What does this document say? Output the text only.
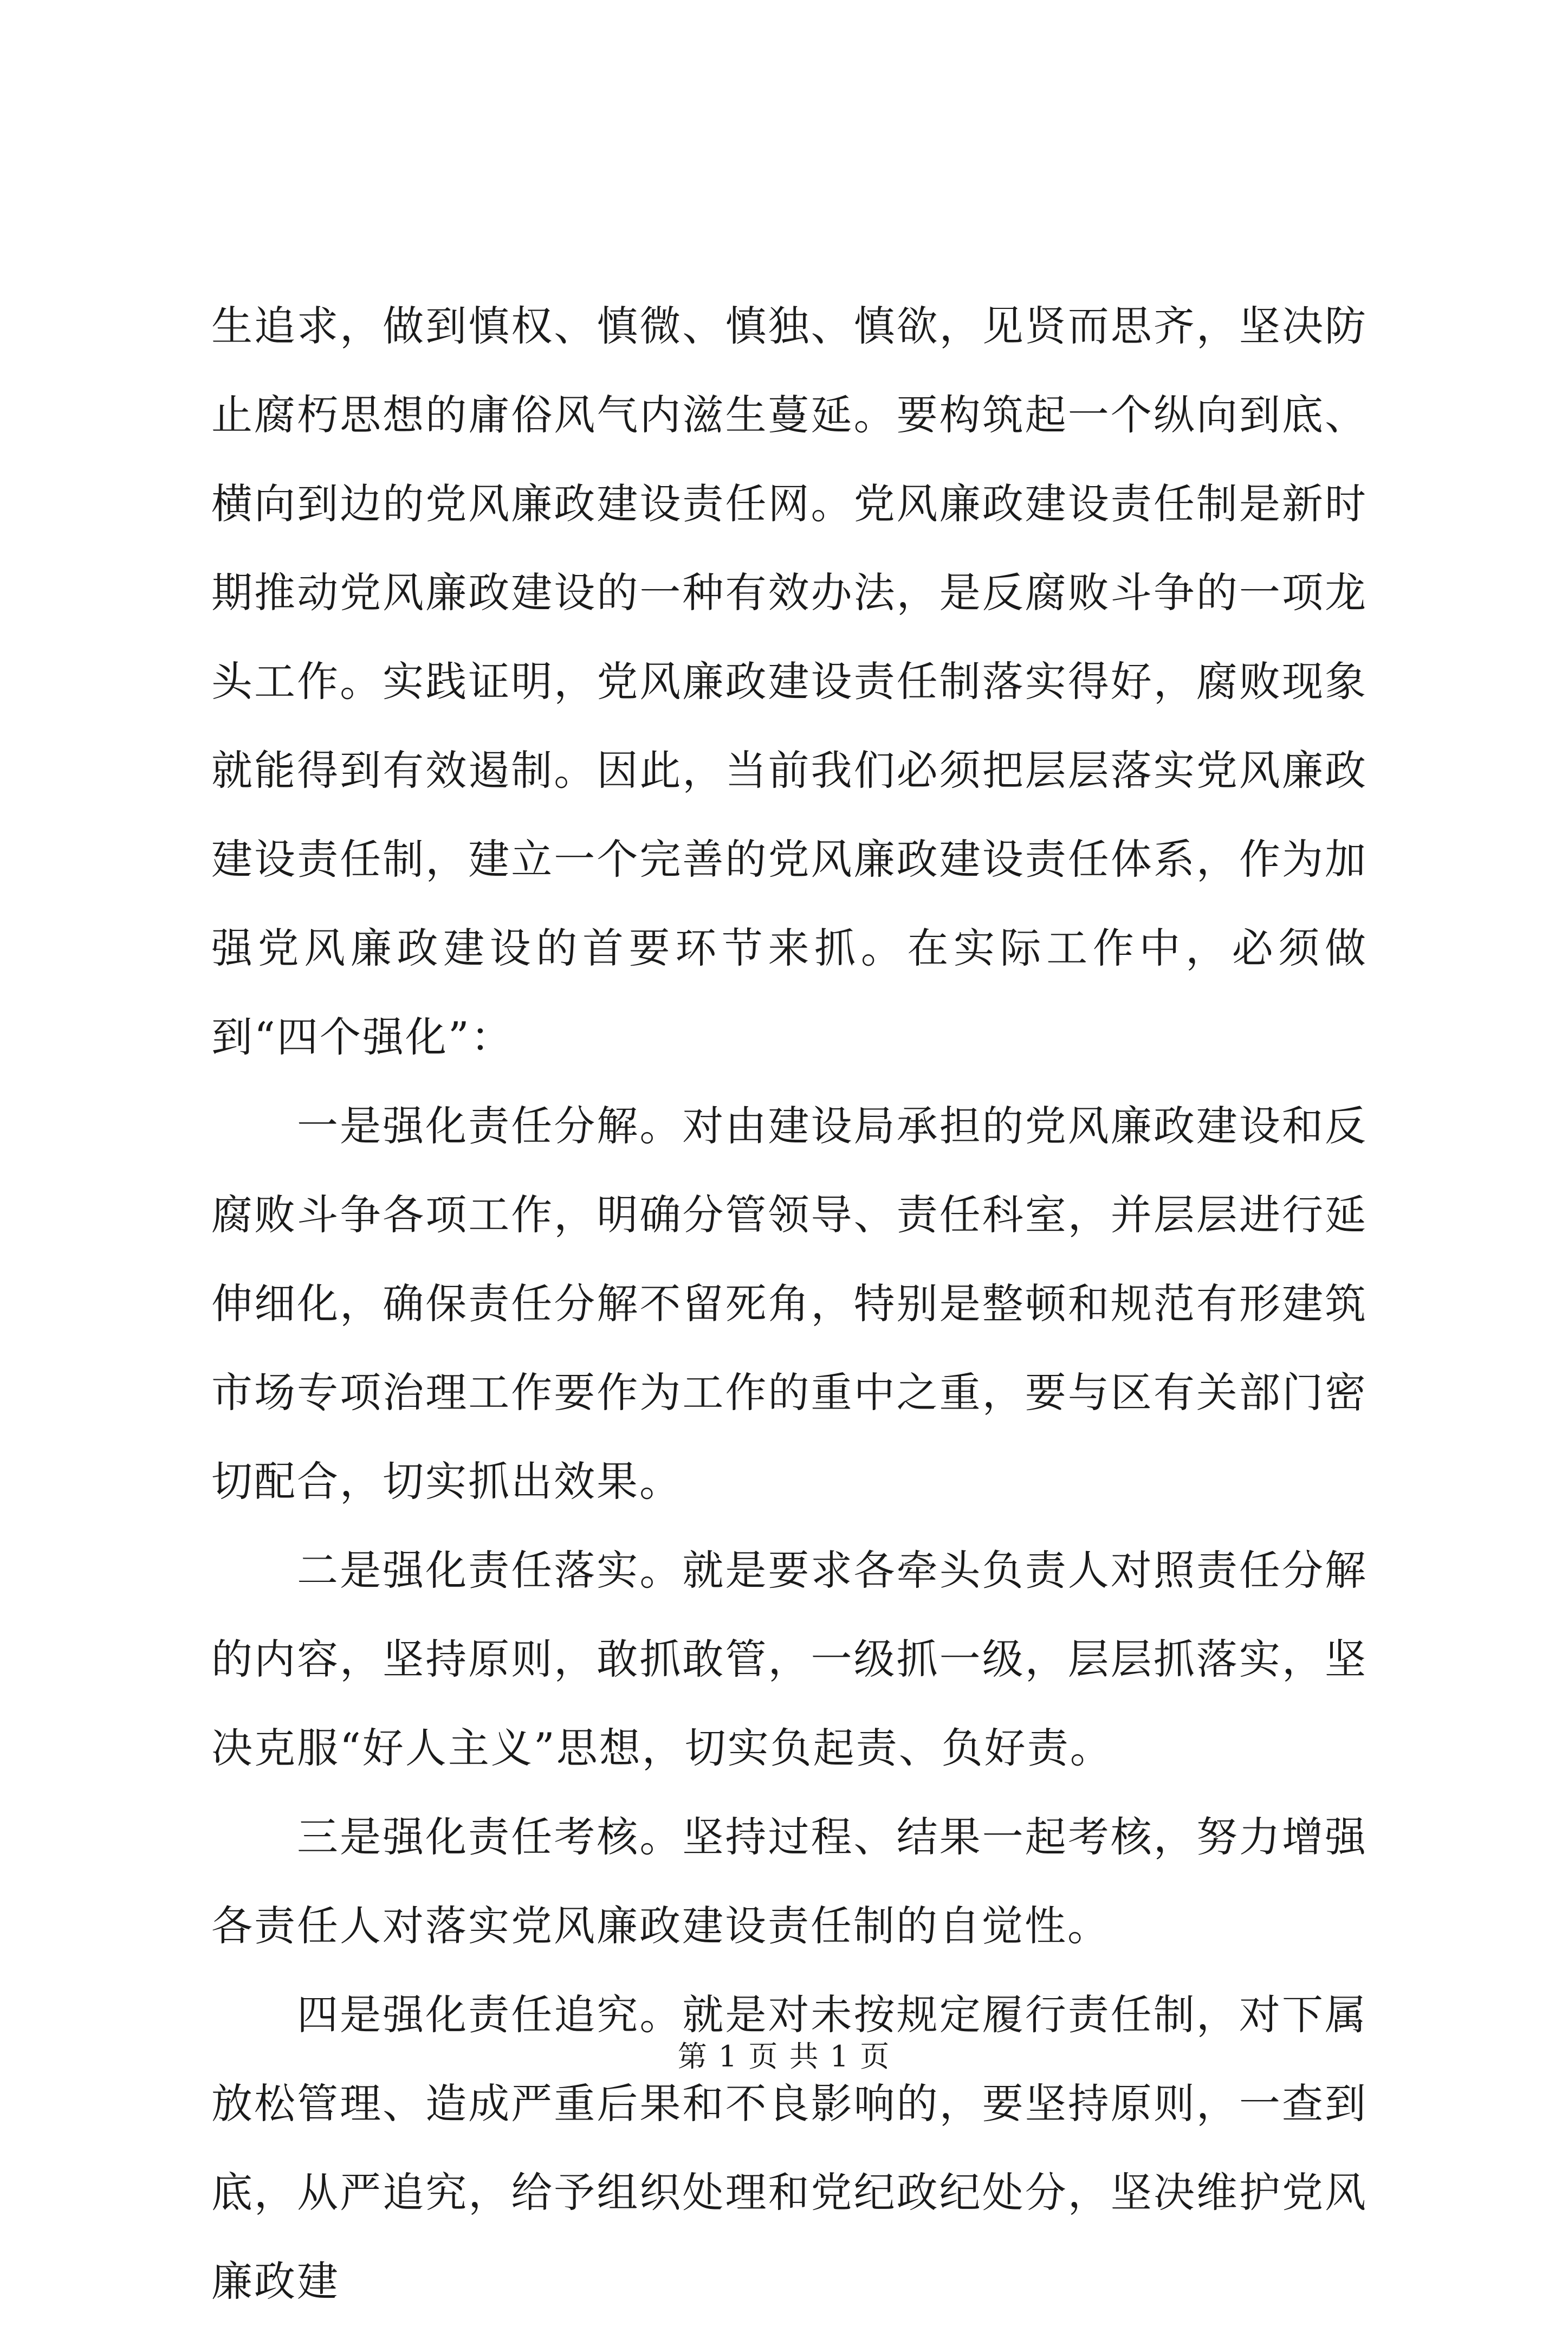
生追求，做到慎权、慎微、慎独、慎欲，见贤而思齐，坚决防止腐朽思想的庸俗风气内滋生蔓延。要构筑起一个纵向到底、横向到边的党风廉政建设责任网。党风廉政建设责任制是新时期推动党风廉政建设的一种有效办法，是反腐败斗争的一项龙头工作。实践证明，党风廉政建设责任制落实得好，腐败现象就能得到有效遏制。因此，当前我们必须把层层落实党风廉政建设责任制，建立一个完善的党风廉政建设责任体系，作为加强党风廉政建设的首要环节来抓。在实际工作中，必须做到“四个强化”：

一是强化责任分解。对由建设局承担的党风廉政建设和反腐败斗争各项工作，明确分管领导、责任科室，并层层进行延伸细化，确保责任分解不留死角，特别是整顿和规范有形建筑市场专项治理工作要作为工作的重中之重，要与区有关部门密切配合，切实抓出效果。

二是强化责任落实。就是要求各牵头负责人对照责任分解的内容，坚持原则，敢抓敢管，一级抓一级，层层抓落实，坚决克服“好人主义”思想，切实负起责、负好责。

三是强化责任考核。坚持过程、结果一起考核，努力增强各责任人对落实党风廉政建设责任制的自觉性。

四是强化责任追究。就是对未按规定履行责任制，对下属放松管理、造成严重后果和不良影响的，要坚持原则，一查到底，从严追究，给予组织处理和党纪政纪处分，坚决维护党风廉政建

第 1 页 共 1 页
